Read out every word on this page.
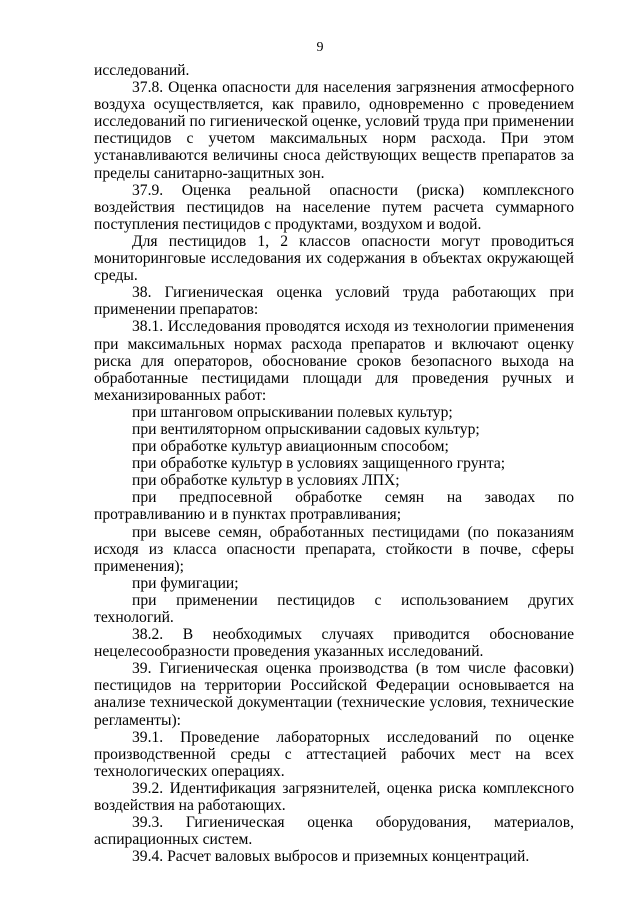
9

исследований.

37.8. Оценка опасности для населения загрязнения атмосферного воздуха осуществляется, как правило, одновременно с проведением исследований по гигиенической оценке, условий труда при применении пестицидов с учетом максимальных норм расхода. При этом устанавливаются величины сноса действующих веществ препаратов за пределы санитарно-защитных зон.

37.9. Оценка реальной опасности (риска) комплексного воздействия пестицидов на население путем расчета суммарного поступления пестицидов с продуктами, воздухом и водой.

Для пестицидов 1, 2 классов опасности могут проводиться мониторинговые исследования их содержания в объектах окружающей среды.

38. Гигиеническая оценка условий труда работающих при применении препаратов:

38.1. Исследования проводятся исходя из технологии применения при максимальных нормах расхода препаратов и включают оценку риска для операторов, обоснование сроков безопасного выхода на обработанные пестицидами площади для проведения ручных и механизированных работ:

при штанговом опрыскивании полевых культур;

при вентиляторном опрыскивании садовых культур;

при обработке культур авиационным способом;

при обработке культур в условиях защищенного грунта;

при обработке культур в условиях ЛПХ;

при предпосевной обработке семян на заводах по протравливанию и в пунктах протравливания;

при высеве семян, обработанных пестицидами (по показаниям исходя из класса опасности препарата, стойкости в почве, сферы применения);

при фумигации;

при применении пестицидов с использованием других технологий.

38.2. В необходимых случаях приводится обоснование нецелесообразности проведения указанных исследований.

39. Гигиеническая оценка производства (в том числе фасовки) пестицидов на территории Российской Федерации основывается на анализе технической документации (технические условия, технические регламенты):

39.1. Проведение лабораторных исследований по оценке производственной среды с аттестацией рабочих мест на всех технологических операциях.

39.2. Идентификация загрязнителей, оценка риска комплексного воздействия на работающих.

39.3. Гигиеническая оценка оборудования, материалов, аспирационных систем.

39.4. Расчет валовых выбросов и приземных концентраций.
